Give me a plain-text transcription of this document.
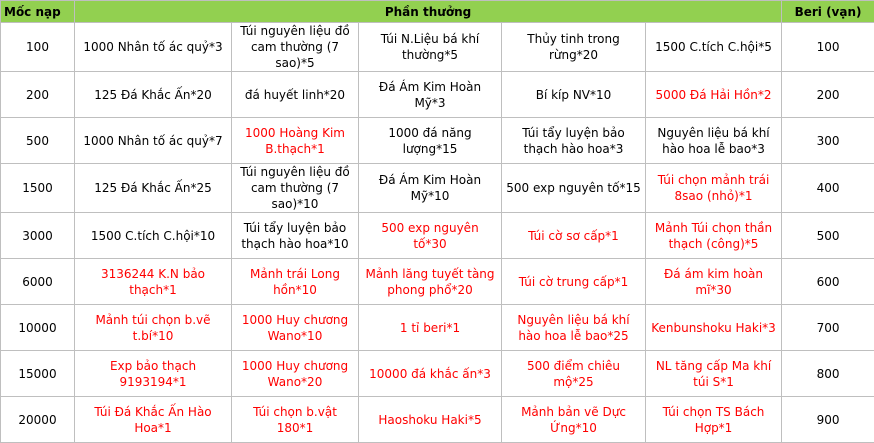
Mốc nạp	Phần thưởng					Beri (vạn)
100	1000 Nhân tố ác quỷ*3	Túi nguyên liệu đồ cam thường (7 sao)*5	Túi N.Liệu bá khí thường*5	Thủy tinh trong rừng*20	1500 C.tích C.hội*5	100
200	125 Đá Khắc Ấn*20	đá huyết linh*20	Đá Ám Kim Hoàn Mỹ*3	Bí kíp NV*10	5000 Đá Hải Hồn*2	200
500	1000 Nhân tố ác quỷ*7	1000 Hoàng Kim B.thạch*1	1000 đá năng lượng*15	Túi tẩy luyện bảo thạch hào hoa*3	Nguyên liệu bá khí hào hoa lễ bao*3	300
1500	125 Đá Khắc Ấn*25	Túi nguyên liệu đồ cam thường (7 sao)*10	Đá Ám Kim Hoàn Mỹ*10	500 exp nguyên tố*15	Túi chọn mảnh trái 8sao (nhỏ)*1	400
3000	1500 C.tích C.hội*10	Túi tẩy luyện bảo thạch hào hoa*10	500 exp nguyên tố*30	Túi cờ sơ cấp*1	Mảnh Túi chọn thần thạch (công)*5	500
6000	3136244 K.N bảo thạch*1	Mảnh trái Long hồn*10	Mảnh lăng tuyết tàng phong phổ*20	Túi cờ trung cấp*1	Đá ám kim hoàn mĩ*30	600
10000	Mảnh túi chọn b.vẽ t.bí*10	1000 Huy chương Wano*10	1 tỉ beri*1	Nguyên liệu bá khí hào hoa lễ bao*25	Kenbunshoku Haki*3	700
15000	Exp bảo thạch 9193194*1	1000 Huy chương Wano*20	10000 đá khắc ấn*3	500 điểm chiêu mộ*25	NL tăng cấp Ma khí túi S*1	800
20000	Túi Đá Khắc Ấn Hào Hoa*1	Túi chọn b.vật 180*1	Haoshoku Haki*5	Mảnh bản vẽ Dực Ứng*10	Túi chọn TS Bách Hợp*1	900
